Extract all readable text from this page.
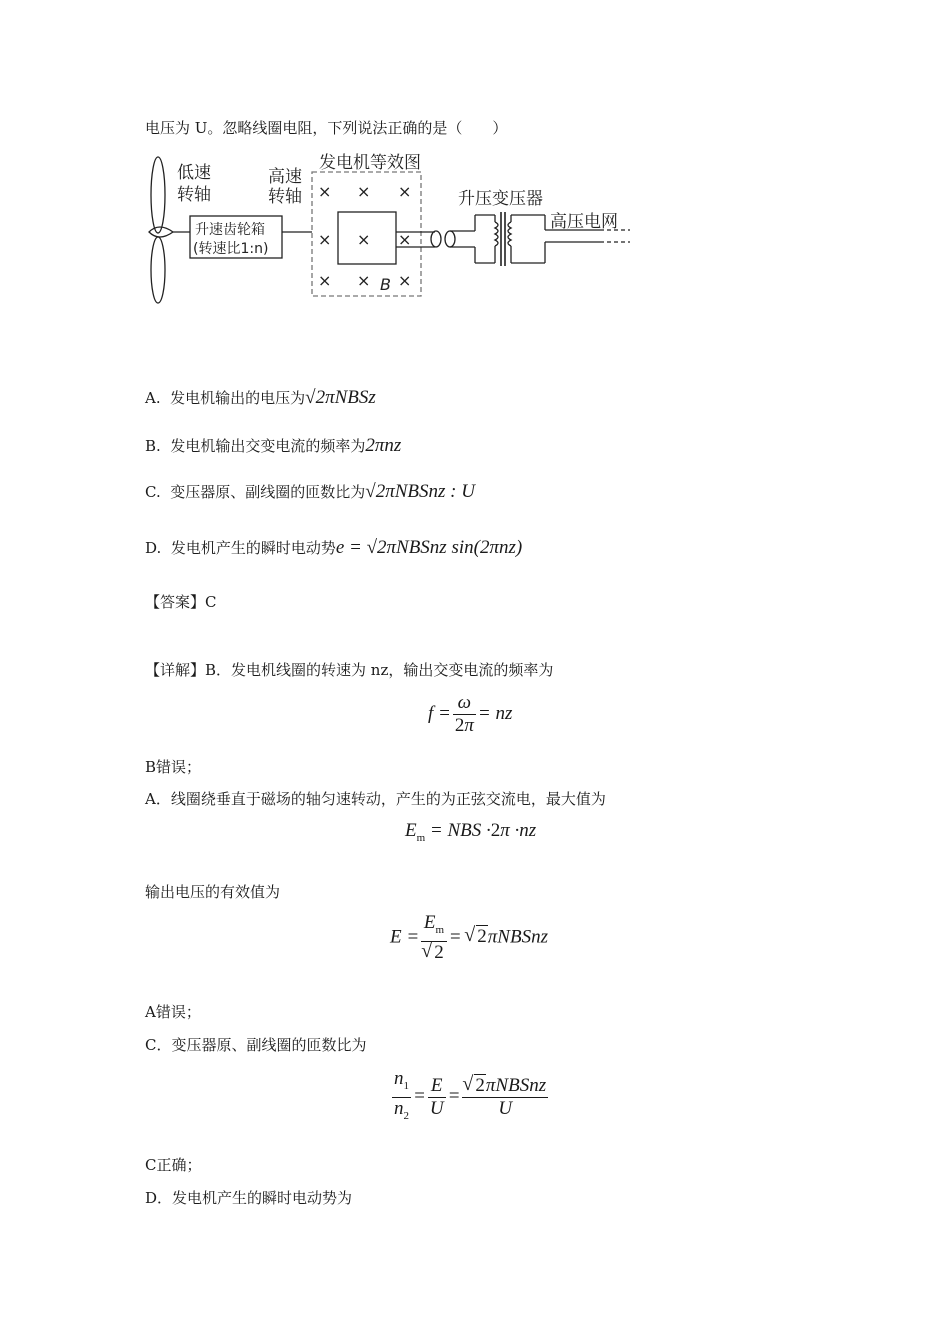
电压为 U。忽略线圈电阻，下列说法正确的是（　　）
低速
转轴
高速
转轴
发电机等效图
升压变压器
高压电网
升速齿轮箱
(转速比1:n)
× × ×
× × ×
× × ×
B
A. 发电机输出的电压为√2πNBSz
B. 发电机输出交变电流的频率为2πnz
C. 变压器原、副线圈的匝数比为√2πNBSnz : U
D. 发电机产生的瞬时电动势e = √2πNBSnz sin(2πnz)
【答案】C
【详解】B．发电机线圈的转速为 nz，输出交变电流的频率为
$f = \frac{\omega}{2\pi}$ = nz
B错误；
A．线圈绕垂直于磁场的轴匀速转动，产生的为正弦交流电，最大值为
$E_m$ = NBS ·2π ·nz
输出电压的有效值为
$E = E_m$
√ 2 = √ 2πNBSnz
A错误；
C．变压器原、副线圈的匝数比为
$\frac{n_1}{n_2} = \frac{E}{U}$ =
√ $\frac{\text{2πNBSnz}}{U}$
C正确；
D．发电机产生的瞬时电动势为
